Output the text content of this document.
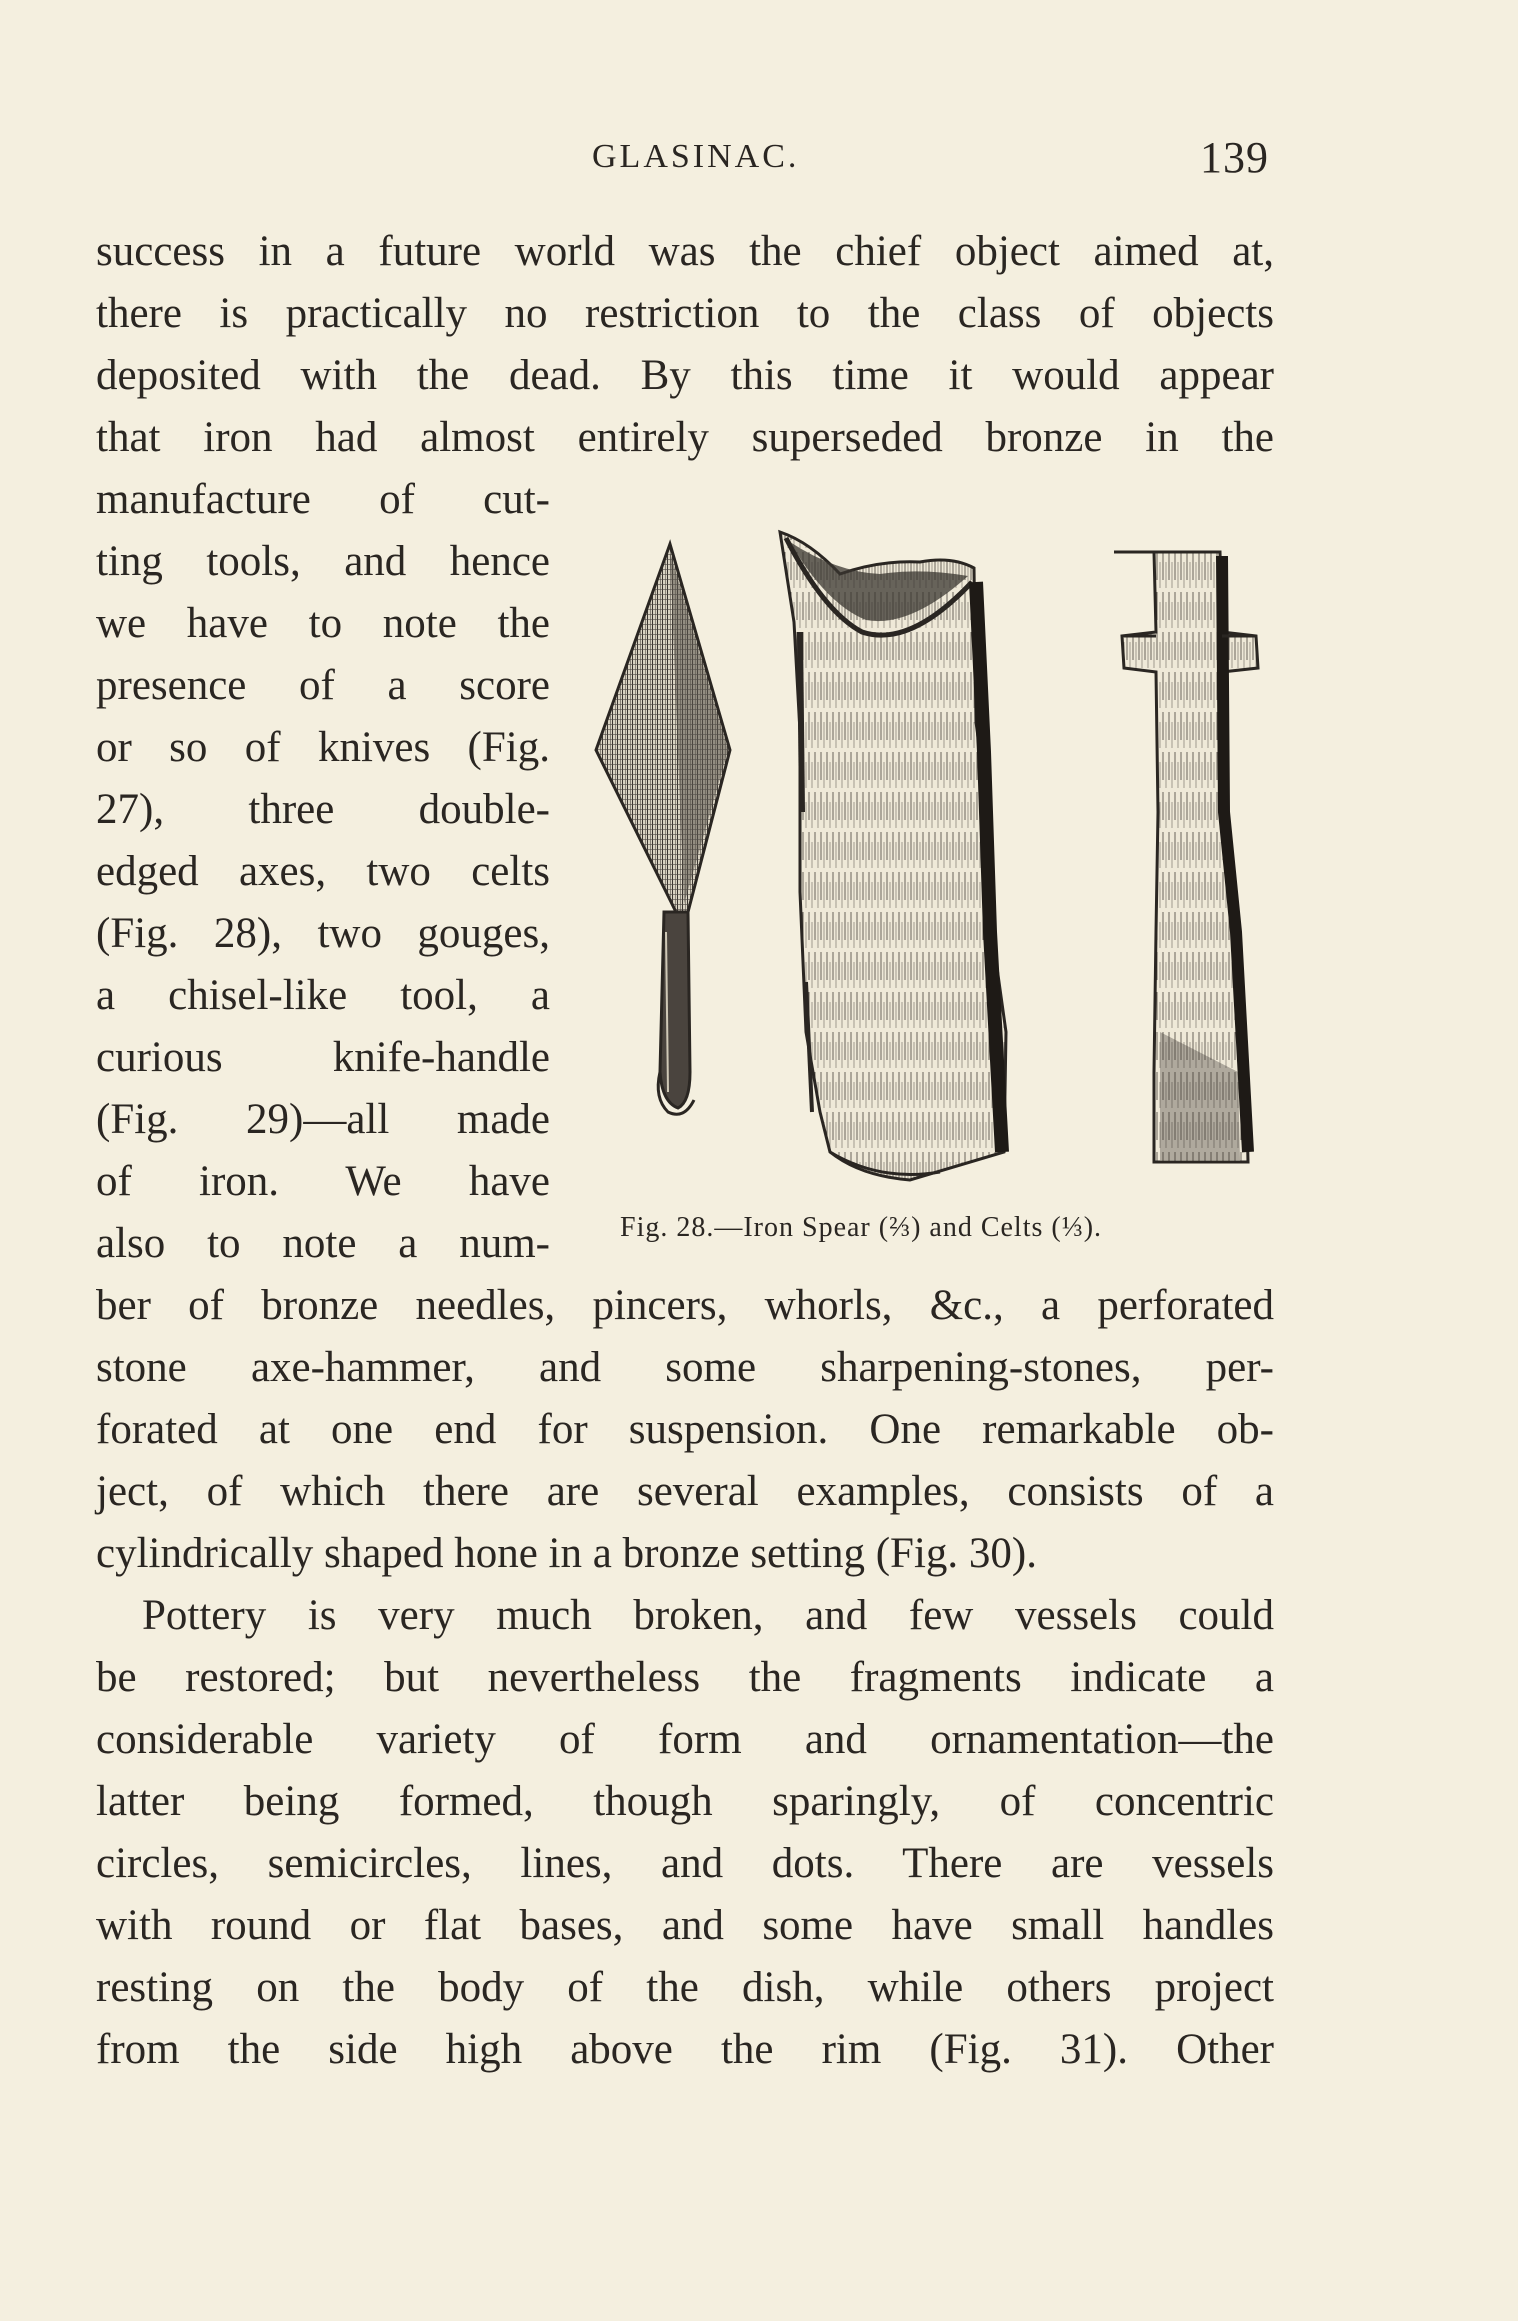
GLASINAC.	139
success in a future world was the chief object aimed at,
there is practically no restriction to the class of objects
deposited with the dead. By this time it would appear
that iron had almost entirely superseded bronze in the
manufacture of cut-
ting tools, and hence
we have to note the
presence of a score
or so of knives (Fig.
27), three double-
edged axes, two celts
(Fig. 28), two gouges,
a chisel-like tool, a
curious knife-handle
(Fig. 29)—all made
of iron. We have
also to note a num-	Fig. 28.—Iron Spear (⅔) and Celts (⅓).
ber of bronze needles, pincers, whorls, &c., a perforated
stone axe-hammer, and some sharpening-stones, per-
forated at one end for suspension. One remarkable ob-
ject, of which there are several examples, consists of a
cylindrically shaped hone in a bronze setting (Fig. 30).
Pottery is very much broken, and few vessels could
be restored; but nevertheless the fragments indicate a
considerable variety of form and ornamentation—the
latter being formed, though sparingly, of concentric
circles, semicircles, lines, and dots. There are vessels
with round or flat bases, and some have small handles
resting on the body of the dish, while others project
from the side high above the rim (Fig. 31). Other
